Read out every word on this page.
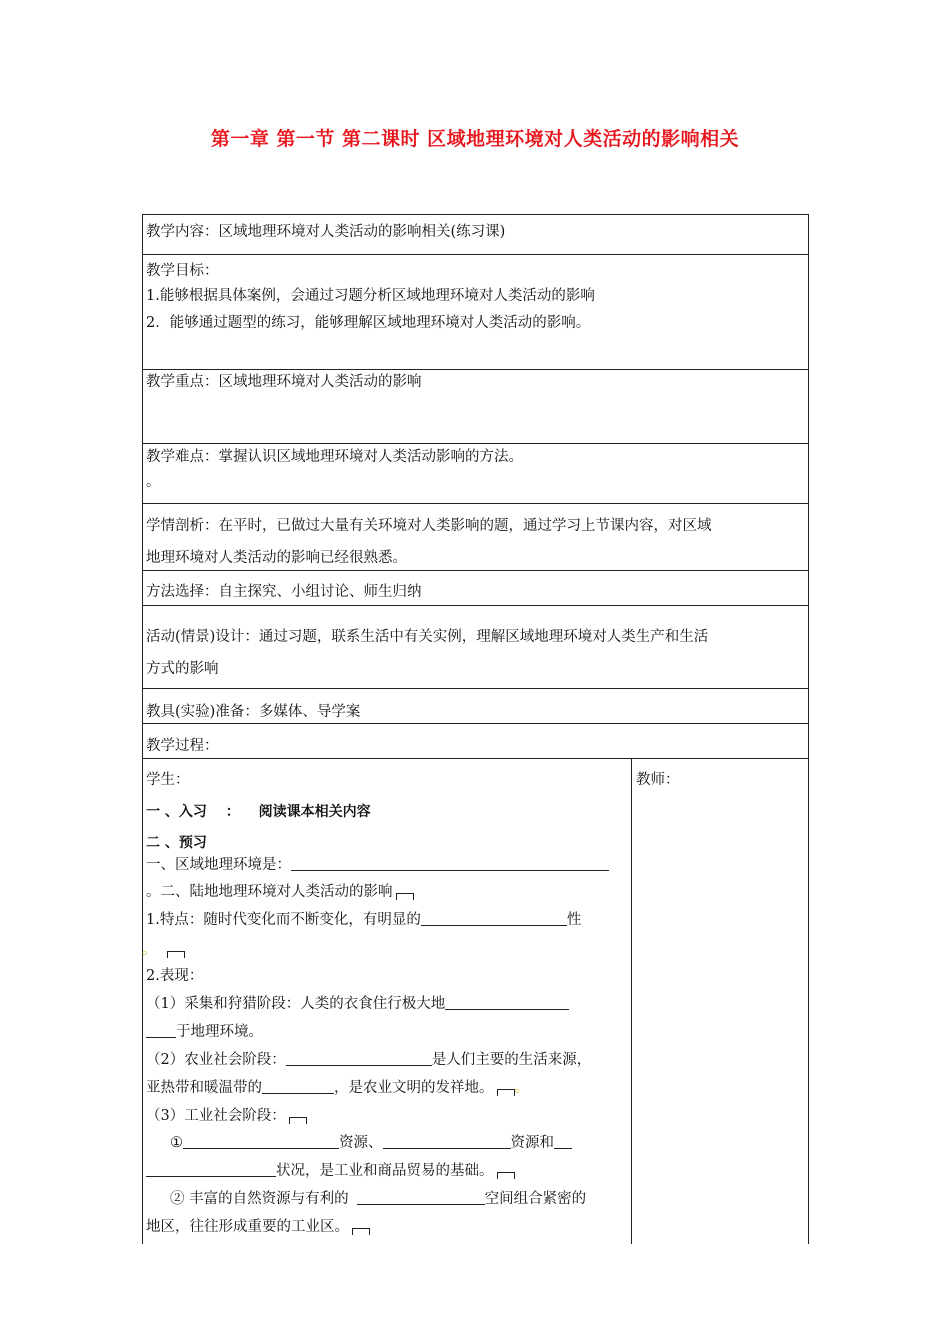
第一章 第一节 第二课时 区域地理环境对人类活动的影响相关
教学内容：区域地理环境对人类活动的影响相关(练习课)
教学目标：
1.能够根据具体案例，会通过习题分析区域地理环境对人类活动的影响
2．能够通过题型的练习，能够理解区域地理环境对人类活动的影响。
教学重点：区域地理环境对人类活动的影响
教学难点：掌握认识区域地理环境对人类活动影响的方法。
。
学情剖析：在平时，已做过大量有关环境对人类影响的题，通过学习上节课内容，对区域
地理环境对人类活动的影响已经很熟悉。
方法选择：自主探究、小组讨论、师生归纳
活动(情景)设计：通过习题，联系生活中有关实例，理解区域地理环境对人类生产和生活
方式的影响
教具(实验)准备：多媒体、导学案
教学过程：
学生：
一 、入习 ： 阅读课本相关内容
二 、预习
一、区域地理环境是：
。二、陆地地理环境对人类活动的影响
1.特点：随时代变化而不断变化，有明显的	性
。
2.表现：
（1）采集和狩猎阶段：人类的衣食住行极大地
于地理环境。
（2）农业社会阶段：	是人们主要的生活来源，
亚热带和暖温带的	，是农业文明的发祥地。 。
（3）工业社会阶段：
①	资源、	资源和
状况，是工业和商品贸易的基础。
② 丰富的自然资源与有利的	空间组合紧密的
地区，往往形成重要的工业区。
教师：
